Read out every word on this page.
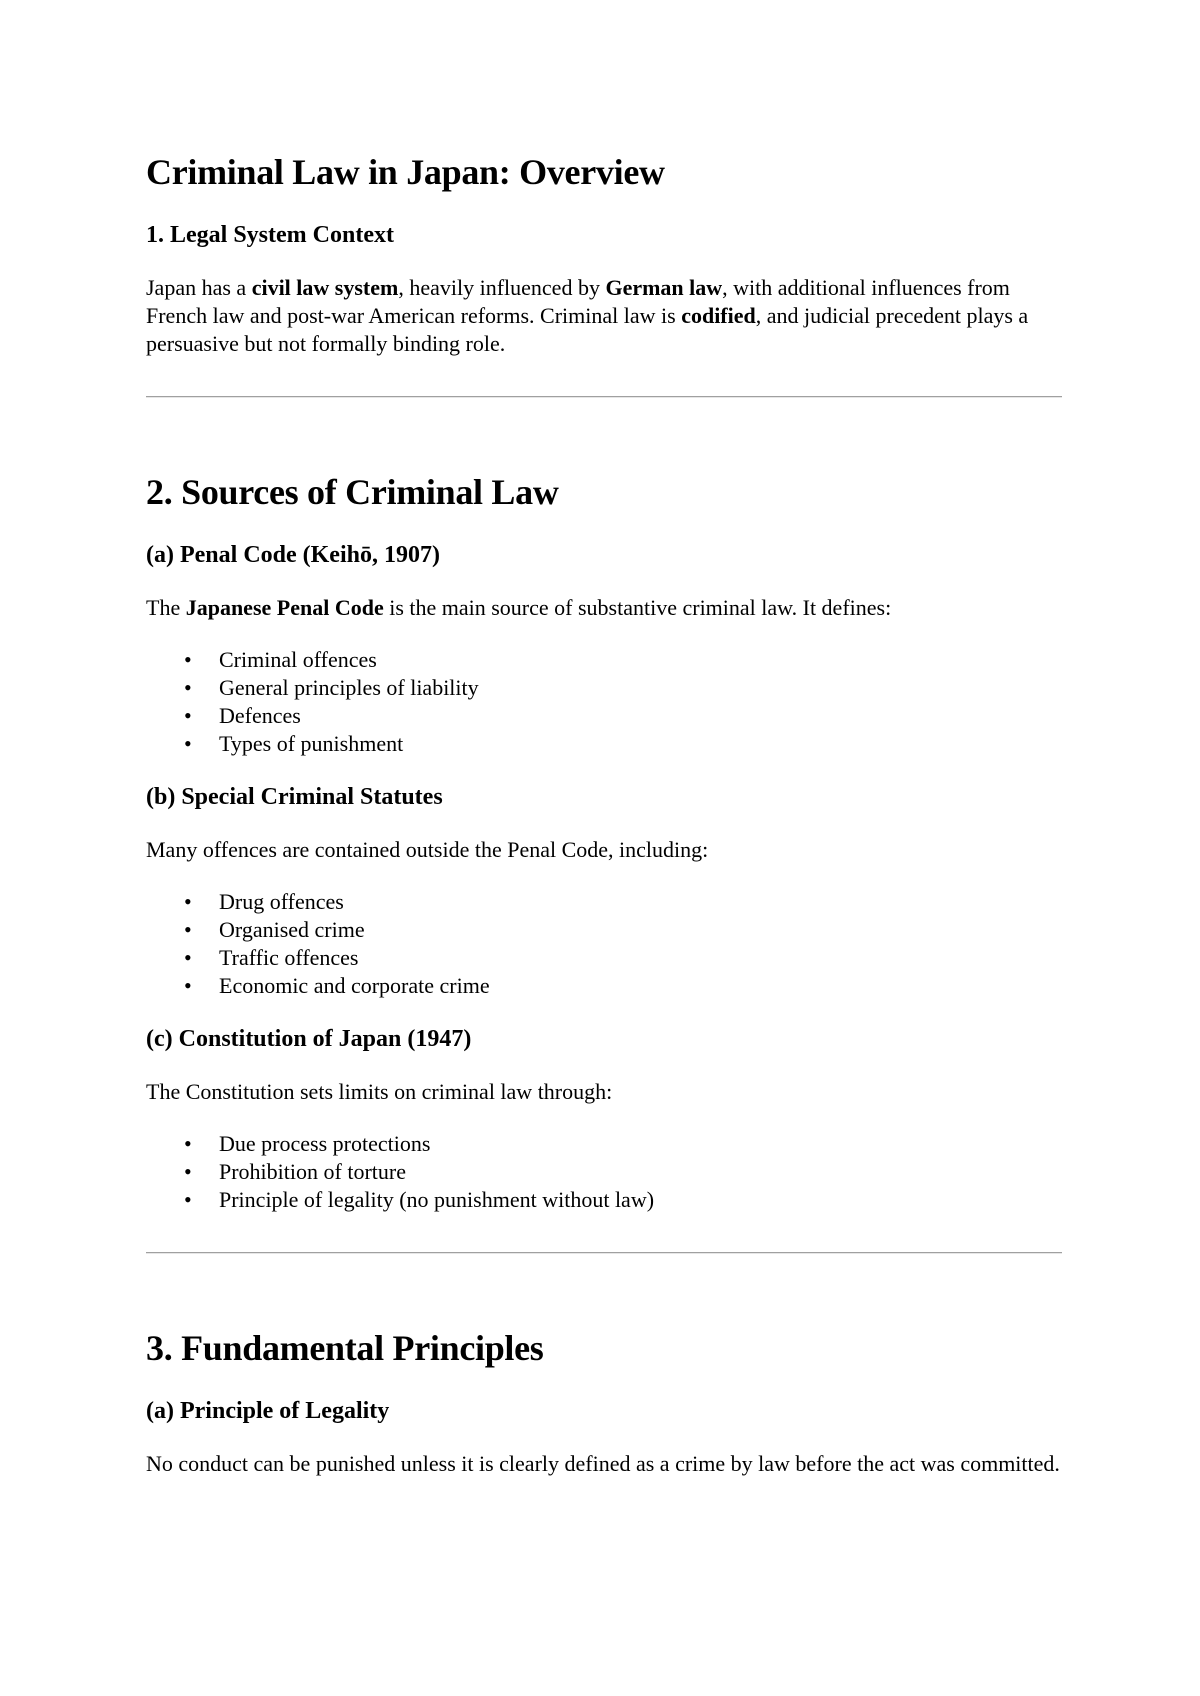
Criminal Law in Japan: Overview
1. Legal System Context

Japan has a civil law system, heavily influenced by German law, with additional influences from French law and post-war American reforms. Criminal law is codified, and judicial precedent plays a persuasive but not formally binding role.

2. Sources of Criminal Law
(a) Penal Code (Keihō, 1907)

The Japanese Penal Code is the main source of substantive criminal law. It defines:

• Criminal offences
• General principles of liability
• Defences
• Types of punishment
(b) Special Criminal Statutes

Many offences are contained outside the Penal Code, including:

• Drug offences
• Organised crime
• Traffic offences
• Economic and corporate crime
(c) Constitution of Japan (1947)

The Constitution sets limits on criminal law through:

• Due process protections
• Prohibition of torture
• Principle of legality (no punishment without law)
3. Fundamental Principles
(a) Principle of Legality

No conduct can be punished unless it is clearly defined as a crime by law before the act was committed.
